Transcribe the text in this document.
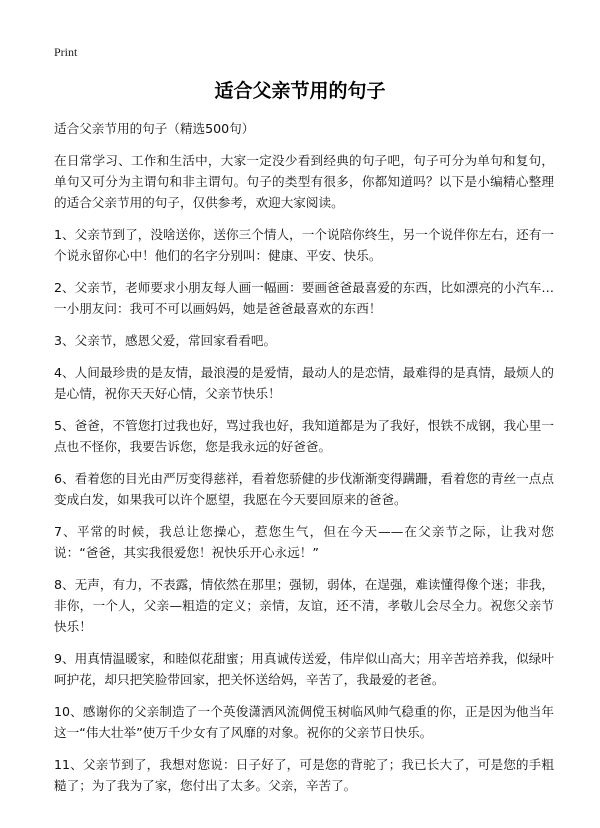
Print
适合父亲节用的句子

适合父亲节用的句子（精选500句）

在日常学习、工作和生活中，大家一定没少看到经典的句子吧，句子可分为单句和复句，单句又可分为主谓句和非主谓句。句子的类型有很多，你都知道吗？以下是小编精心整理的适合父亲节用的句子，仅供参考，欢迎大家阅读。

1、父亲节到了，没啥送你，送你三个情人，一个说陪你终生，另一个说伴你左右，还有一个说永留你心中！他们的名字分别叫：健康、平安、快乐。

2、父亲节，老师要求小朋友每人画一幅画：要画爸爸最喜爱的东西，比如漂亮的小汽车…一小朋友问：我可不可以画妈妈，她是爸爸最喜欢的东西！

3、父亲节，感恩父爱，常回家看看吧。

4、人间最珍贵的是友情，最浪漫的是爱情，最动人的是恋情，最难得的是真情，最烦人的是心情，祝你天天好心情，父亲节快乐！

5、爸爸，不管您打过我也好，骂过我也好，我知道都是为了我好，恨铁不成钢，我心里一点也不怪你，我要告诉您，您是我永远的好爸爸。

6、看着您的目光由严厉变得慈祥，看着您骄健的步伐渐渐变得蹒跚，看着您的青丝一点点变成白发，如果我可以许个愿望，我愿在今天要回原来的爸爸。

7、平常的时候，我总让您操心，惹您生气，但在今天——在父亲节之际，让我对您说：“爸爸，其实我很爱您！祝快乐开心永远！”

8、无声，有力，不表露，情依然在那里；强韧，弱体，在逞强，难读懂得像个迷；非我，非你，一个人，父亲—粗造的定义；亲情，友谊，还不清，孝敬儿会尽全力。祝您父亲节快乐！

9、用真情温暖家，和睦似花甜蜜；用真诚传送爱，伟岸似山高大；用辛苦培养我，似绿叶呵护花，却只把笑脸带回家，把关怀送给妈，辛苦了，我最爱的老爸。

10、感谢你的父亲制造了一个英俊潇洒风流倜傥玉树临风帅气稳重的你，正是因为他当年这一“伟大壮举”使万千少女有了风靡的对象。祝你的父亲节日快乐。

11、父亲节到了，我想对您说：日子好了，可是您的背驼了；我已长大了，可是您的手粗糙了；为了我为了家，您付出了太多。父亲，辛苦了。
